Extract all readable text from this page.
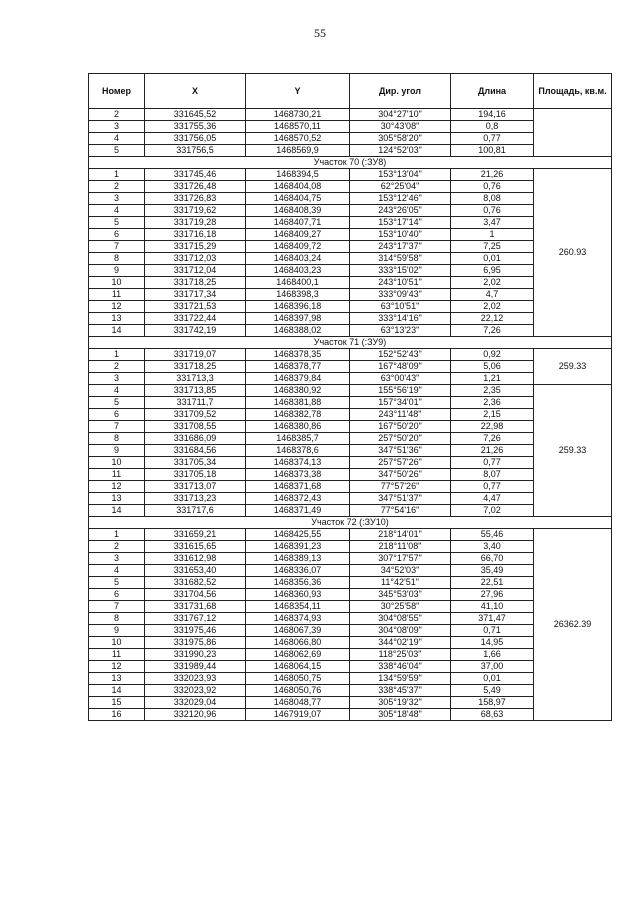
55
Номер	X	Y	Дир. угол	Длина	Площадь, кв.м.
2	331645,52	1468730,21	304°27'10"	194,16	
3	331755,36	1468570,11	30°43'08"	0,8	
4	331756,05	1468570,52	305°58'20"	0,77	
5	331756,5	1468569,9	124°52'03"	100,81	
Участок 70 (:ЗУ8)					
1	331745,46	1468394,5	153°13'04"	21,26	260.93
2	331726,48	1468404,08	62°25'04"	0,76	
3	331726,83	1468404,75	153°12'46"	8,08	
4	331719,62	1468408,39	243°26'05"	0,76	
5	331719,28	1468407,71	153°17'14"	3,47	
6	331716,18	1468409,27	153°10'40"	1	
7	331715,29	1468409,72	243°17'37"	7,25	
8	331712,03	1468403,24	314°59'58"	0,01	
9	331712,04	1468403,23	333°15'02"	6,95	
10	331718,25	1468400,1	243°10'51"	2,02	
11	331717,34	1468398,3	333°09'43"	4,7	
12	331721,53	1468396,18	63°10'51"	2,02	
13	331722,44	1468397,98	333°14'16"	22,12	
14	331742,19	1468388,02	63°13'23"	7,26	
Участок 71 (:ЗУ9)					
1	331719,07	1468378,35	152°52'43"	0,92	259.33
2	331718,25	1468378,77	167°48'09"	5,06	
3	331713,3	1468379,84	63°00'43"	1,21	
4	331713,85	1468380,92	155°56'19"	2,35	259.33
5	331711,7	1468381,88	157°34'01"	2,36	
6	331709,52	1468382,78	243°11'48"	2,15	
7	331708,55	1468380,86	167°50'20"	22,98	
8	331686,09	1468385,7	257°50'20"	7,26	
9	331684,56	1468378,6	347°51'36"	21,26	
10	331705,34	1468374,13	257°57'26"	0,77	
11	331705,18	1468373,38	347°50'26"	8,07	
12	331713,07	1468371,68	77°57'26"	0,77	
13	331713,23	1468372,43	347°51'37"	4,47	
14	331717,6	1468371,49	77°54'16"	7,02	
Участок 72 (:ЗУ10)					
1	331659,21	1468425,55	218°14'01"	55,46	26362.39
2	331615,65	1468391,23	218°11'08"	3,40	
3	331612,98	1468389,13	307°17'57"	66,70	
4	331653,40	1468336,07	34°52'03"	35,49	
5	331682,52	1468356,36	11°42'51"	22,51	
6	331704,56	1468360,93	345°53'03"	27,96	
7	331731,68	1468354,11	30°25'58"	41,10	
8	331767,12	1468374,93	304°08'55"	371,47	
9	331975,46	1468067,39	304°08'09"	0,71	
10	331975,86	1468066,80	344°02'19"	14,95	
11	331990,23	1468062,69	118°25'03"	1,66	
12	331989,44	1468064,15	338°46'04"	37,00	
13	332023,93	1468050,75	134°59'59"	0,01	
14	332023,92	1468050,76	338°45'37"	5,49	
15	332029,04	1468048,77	305°19'32"	158,97	
16	332120,96	1467919,07	305°18'48"	68,63	
